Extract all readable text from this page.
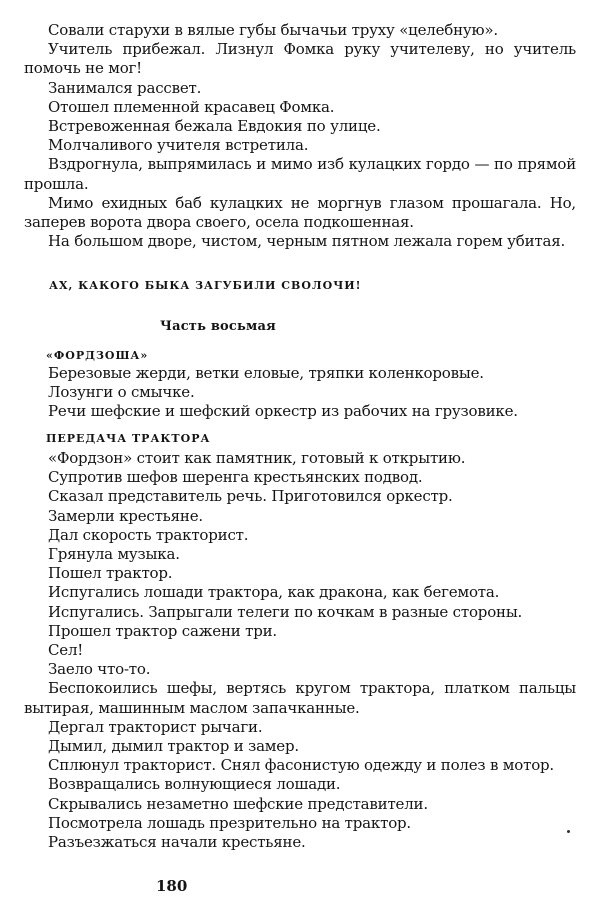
Совали старухи в вялые губы бычачьи труху «целебную».

Учитель прибежал. Лизнул Фомка руку учителеву, но учитель помочь не мог!

Занимался рассвет.

Отошел племенной красавец Фомка.

Встревоженная бежала Евдокия по улице.

Молчаливого учителя встретила.

Вздрогнула, выпрямилась и мимо изб кулацких гордо — по прямой прошла.

Мимо ехидных баб кулацких не моргнув глазом прошагала. Но, заперев ворота двора своего, осела подкошенная.

На большом дворе, чистом, черным пятном лежала горем убитая.

АХ, КАКОГО БЫКА ЗАГУБИЛИ СВОЛОЧИ!

Часть восьмая

«ФОРДЗОША»

Березовые жерди, ветки еловые, тряпки коленкоровые.

Лозунги о смычке.

Речи шефские и шефский оркестр из рабочих на грузовике.

ПЕРЕДАЧА ТРАКТОРА

«Фордзон» стоит как памятник, готовый к открытию.

Супротив шефов шеренга крестьянских подвод.

Сказал представитель речь. Приготовился оркестр.

Замерли крестьяне.

Дал скорость тракторист.

Грянула музыка.

Пошел трактор.

Испугались лошади трактора, как дракона, как бегемота.

Испугались. Запрыгали телеги по кочкам в разные стороны.

Прошел трактор сажени три.

Сел!

Заело что-то.

Беспокоились шефы, вертясь кругом трактора, платком пальцы вытирая, машинным маслом запачканные.

Дергал тракторист рычаги.

Дымил, дымил трактор и замер.

Сплюнул тракторист. Снял фасонистую одежду и полез в мотор.

Возвращались волнующиеся лошади.

Скрывались незаметно шефские представители.

Посмотрела лошадь презрительно на трактор.

Разъезжаться начали крестьяне.

180
